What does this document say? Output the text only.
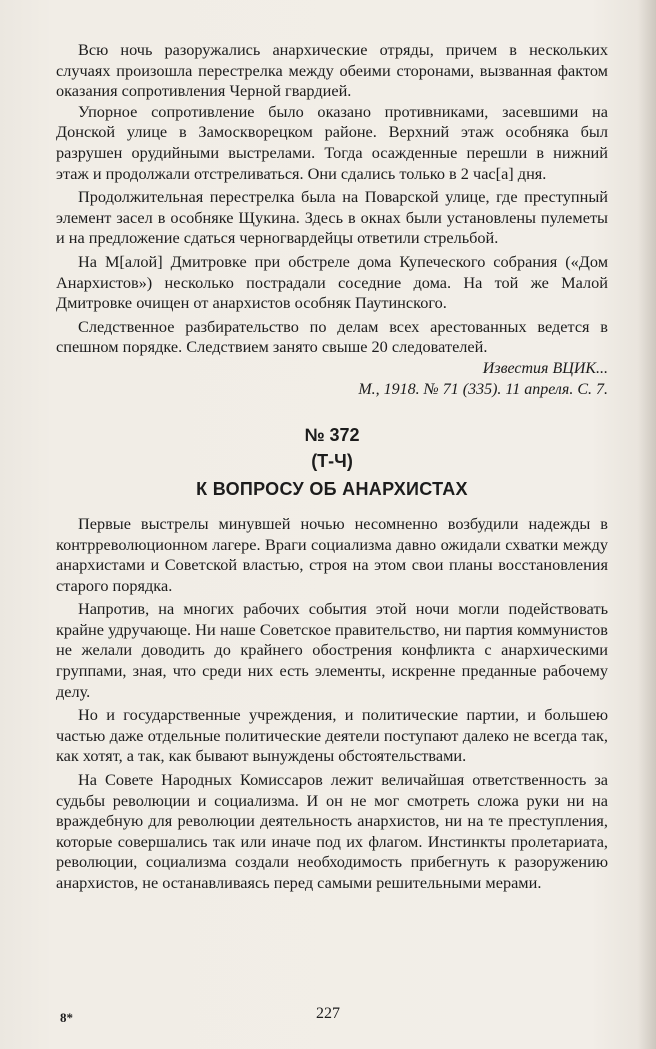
Всю ночь разоружались анархические отряды, причем в нескольких случаях произошла перестрелка между обеими сторонами, вызванная фактом оказания сопротивления Черной гвардией.

Упорное сопротивление было оказано противниками, засевшими на Донской улице в Замоскворецком районе. Верхний этаж особняка был разрушен орудийными выстрелами. Тогда осажденные перешли в нижний этаж и продолжали отстреливаться. Они сдались только в 2 час[а] дня.

Продолжительная перестрелка была на Поварской улице, где преступный элемент засел в особняке Щукина. Здесь в окнах были установлены пулеметы и на предложение сдаться черногвардейцы ответили стрельбой.

На М[алой] Дмитровке при обстреле дома Купеческого собрания («Дом Анархистов») несколько пострадали соседние дома. На той же Малой Дмитровке очищен от анархистов особняк Паутинского.

Следственное разбирательство по делам всех арестованных ведется в спешном порядке. Следствием занято свыше 20 следователей.

Известия ВЦИК...
М., 1918. № 71 (335). 11 апреля. С. 7.
№ 372
(Т-Ч)
К ВОПРОСУ ОБ АНАРХИСТАХ

Первые выстрелы минувшей ночью несомненно возбудили надежды в контрреволюционном лагере. Враги социализма давно ожидали схватки между анархистами и Советской властью, строя на этом свои планы восстановления старого порядка.

Напротив, на многих рабочих события этой ночи могли подействовать крайне удручающе. Ни наше Советское правительство, ни партия коммунистов не желали доводить до крайнего обострения конфликта с анархическими группами, зная, что среди них есть элементы, искренне преданные рабочему делу.

Но и государственные учреждения, и политические партии, и большею частью даже отдельные политические деятели поступают далеко не всегда так, как хотят, а так, как бывают вынуждены обстоятельствами.

На Совете Народных Комиссаров лежит величайшая ответственность за судьбы революции и социализма. И он не мог смотреть сложа руки ни на враждебную для революции деятельность анархистов, ни на те преступления, которые совершались так или иначе под их флагом. Инстинкты пролетариата, революции, социализма создали необходимость прибегнуть к разоружению анархистов, не останавливаясь перед самыми решительными мерами.

8*	227
